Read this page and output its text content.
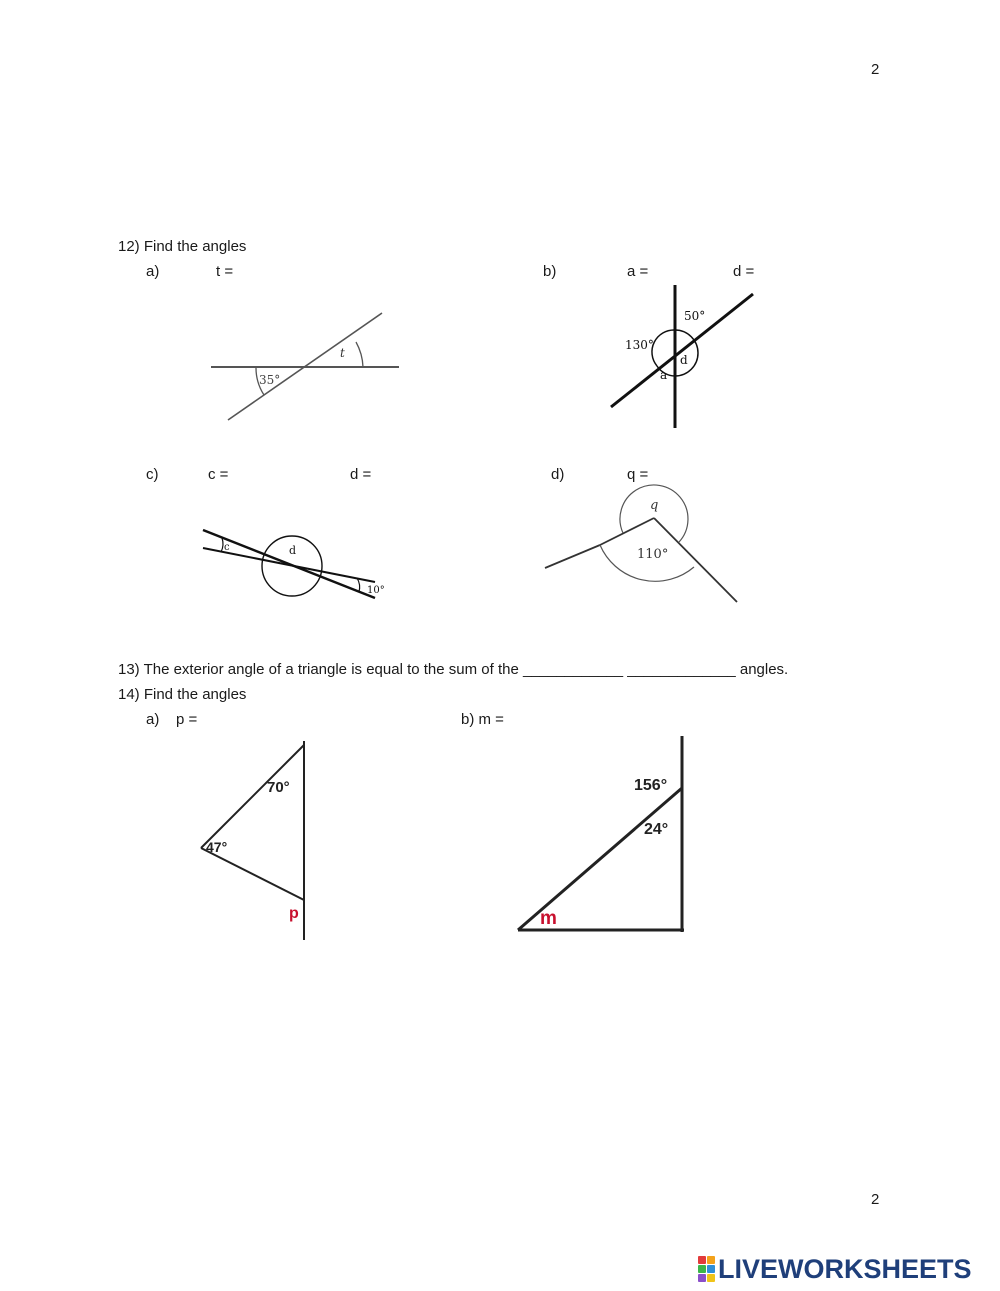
2
2
12) Find the angles
a)	t =	b)	a =	d =
t
35°
50°
130°
d
a
c)	c =	d =	d)	q =
c	d
10°
q
110°
13) The exterior angle of a triangle is equal to the sum of the ____________ _____________ angles.
14) Find the angles
a) p =	b) m =
70°
47°
p
156°
24°
m
LIVEWORKSHEETS
